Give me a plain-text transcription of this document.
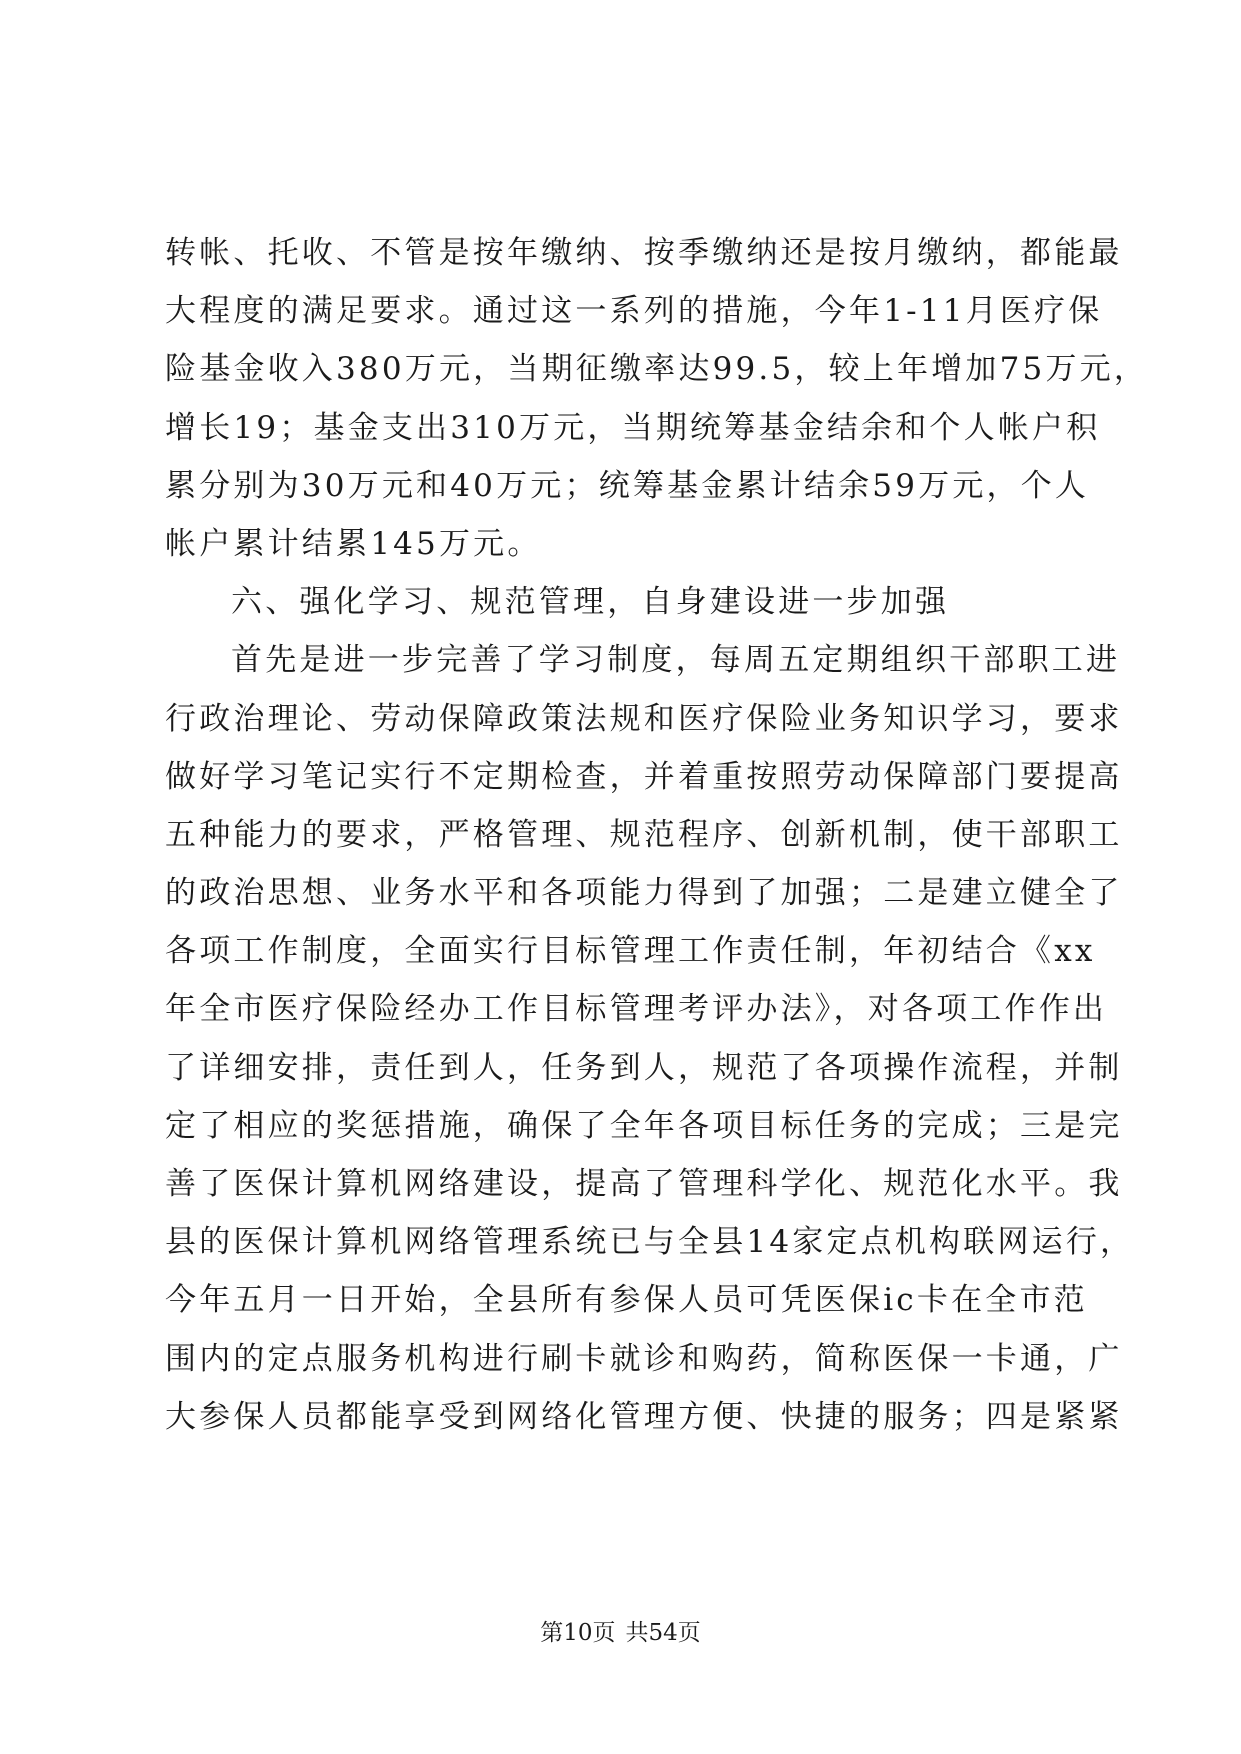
转帐、托收、不管是按年缴纳、按季缴纳还是按月缴纳，都能最
大程度的满足要求。通过这一系列的措施，今年1-11月医疗保
险基金收入380万元，当期征缴率达99.5，较上年增加75万元，
增长19；基金支出310万元，当期统筹基金结余和个人帐户积
累分别为30万元和40万元；统筹基金累计结余59万元，个人
帐户累计结累145万元。
六、强化学习、规范管理，自身建设进一步加强
首先是进一步完善了学习制度，每周五定期组织干部职工进
行政治理论、劳动保障政策法规和医疗保险业务知识学习，要求
做好学习笔记实行不定期检查，并着重按照劳动保障部门要提高
五种能力的要求，严格管理、规范程序、创新机制，使干部职工
的政治思想、业务水平和各项能力得到了加强；二是建立健全了
各项工作制度，全面实行目标管理工作责任制，年初结合《xx
年全市医疗保险经办工作目标管理考评办法》，对各项工作作出
了详细安排，责任到人，任务到人，规范了各项操作流程，并制
定了相应的奖惩措施，确保了全年各项目标任务的完成；三是完
善了医保计算机网络建设，提高了管理科学化、规范化水平。我
县的医保计算机网络管理系统已与全县14家定点机构联网运行，
今年五月一日开始，全县所有参保人员可凭医保ic卡在全市范
围内的定点服务机构进行刷卡就诊和购药，简称医保一卡通，广
大参保人员都能享受到网络化管理方便、快捷的服务；四是紧紧
第10页 共54页
